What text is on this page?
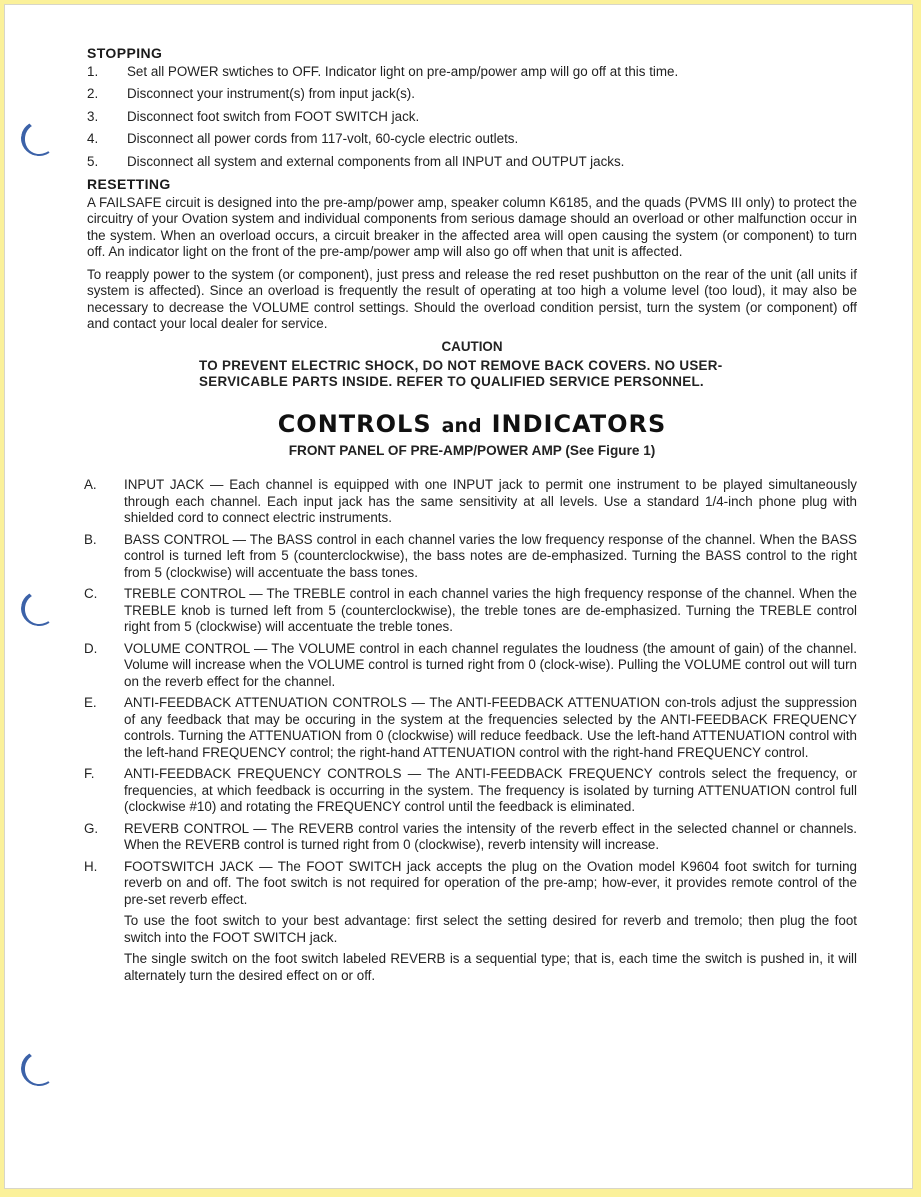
STOPPING
1.	Set all POWER swtiches to OFF. Indicator light on pre-amp/power amp will go off at this time.
2.	Disconnect your instrument(s) from input jack(s).
3.	Disconnect foot switch from FOOT SWITCH jack.
4.	Disconnect all power cords from 117-volt, 60-cycle electric outlets.
5.	Disconnect all system and external components from all INPUT and OUTPUT jacks.
RESETTING

A FAILSAFE circuit is designed into the pre-amp/power amp, speaker column K6185, and the quads (PVMS III only) to protect the circuitry of your Ovation system and individual components from serious damage should an overload or other malfunction occur in the system. When an overload occurs, a circuit breaker in the affected area will open causing the system (or component) to turn off. An indicator light on the front of the pre-amp/power amp will also go off when that unit is affected.

To reapply power to the system (or component), just press and release the red reset pushbutton on the rear of the unit (all units if system is affected). Since an overload is frequently the result of operating at too high a volume level (too loud), it may also be necessary to decrease the VOLUME control settings. Should the overload condition persist, turn the system (or component) off and contact your local dealer for service.

CAUTION
TO PREVENT ELECTRIC SHOCK, DO NOT REMOVE BACK COVERS. NO USER-SERVICABLE PARTS INSIDE. REFER TO QUALIFIED SERVICE PERSONNEL.
CONTROLS and INDICATORS
FRONT PANEL OF PRE-AMP/POWER AMP (See Figure 1)
A.	INPUT JACK — Each channel is equipped with one INPUT jack to permit one instrument to be played simultaneously through each channel. Each input jack has the same sensitivity at all levels. Use a standard 1/4-inch phone plug with shielded cord to connect electric instruments.

B.	BASS CONTROL — The BASS control in each channel varies the low frequency response of the channel. When the BASS control is turned left from 5 (counterclockwise), the bass notes are de-emphasized. Turning the BASS control to the right from 5 (clockwise) will accentuate the bass tones.

C.	TREBLE CONTROL — The TREBLE control in each channel varies the high frequency response of the channel. When the TREBLE knob is turned left from 5 (counterclockwise), the treble tones are de-emphasized. Turning the TREBLE control right from 5 (clockwise) will accentuate the treble tones.

D.	VOLUME CONTROL — The VOLUME control in each channel regulates the loudness (the amount of gain) of the channel. Volume will increase when the VOLUME control is turned right from 0 (clock-wise). Pulling the VOLUME control out will turn on the reverb effect for the channel.

E.	ANTI-FEEDBACK ATTENUATION CONTROLS — The ANTI-FEEDBACK ATTENUATION con-trols adjust the suppression of any feedback that may be occuring in the system at the frequencies selected by the ANTI-FEEDBACK FREQUENCY controls. Turning the ATTENUATION from 0 (clockwise) will reduce feedback. Use the left-hand ATTENUATION control with the left-hand FREQUENCY control; the right-hand ATTENUATION control with the right-hand FREQUENCY control.

F.	ANTI-FEEDBACK FREQUENCY CONTROLS — The ANTI-FEEDBACK FREQUENCY controls select the frequency, or frequencies, at which feedback is occurring in the system. The frequency is isolated by turning ATTENUATION control full (clockwise #10) and rotating the FREQUENCY control until the feedback is eliminated.

G.	REVERB CONTROL — The REVERB control varies the intensity of the reverb effect in the selected channel or channels. When the REVERB control is turned right from 0 (clockwise), reverb intensity will increase.

H.	FOOTSWITCH JACK — The FOOT SWITCH jack accepts the plug on the Ovation model K9604 foot switch for turning reverb on and off. The foot switch is not required for operation of the pre-amp; how-ever, it provides remote control of the pre-set reverb effect.

To use the foot switch to your best advantage: first select the setting desired for reverb and tremolo; then plug the foot switch into the FOOT SWITCH jack.

The single switch on the foot switch labeled REVERB is a sequential type; that is, each time the switch is pushed in, it will alternately turn the desired effect on or off.
